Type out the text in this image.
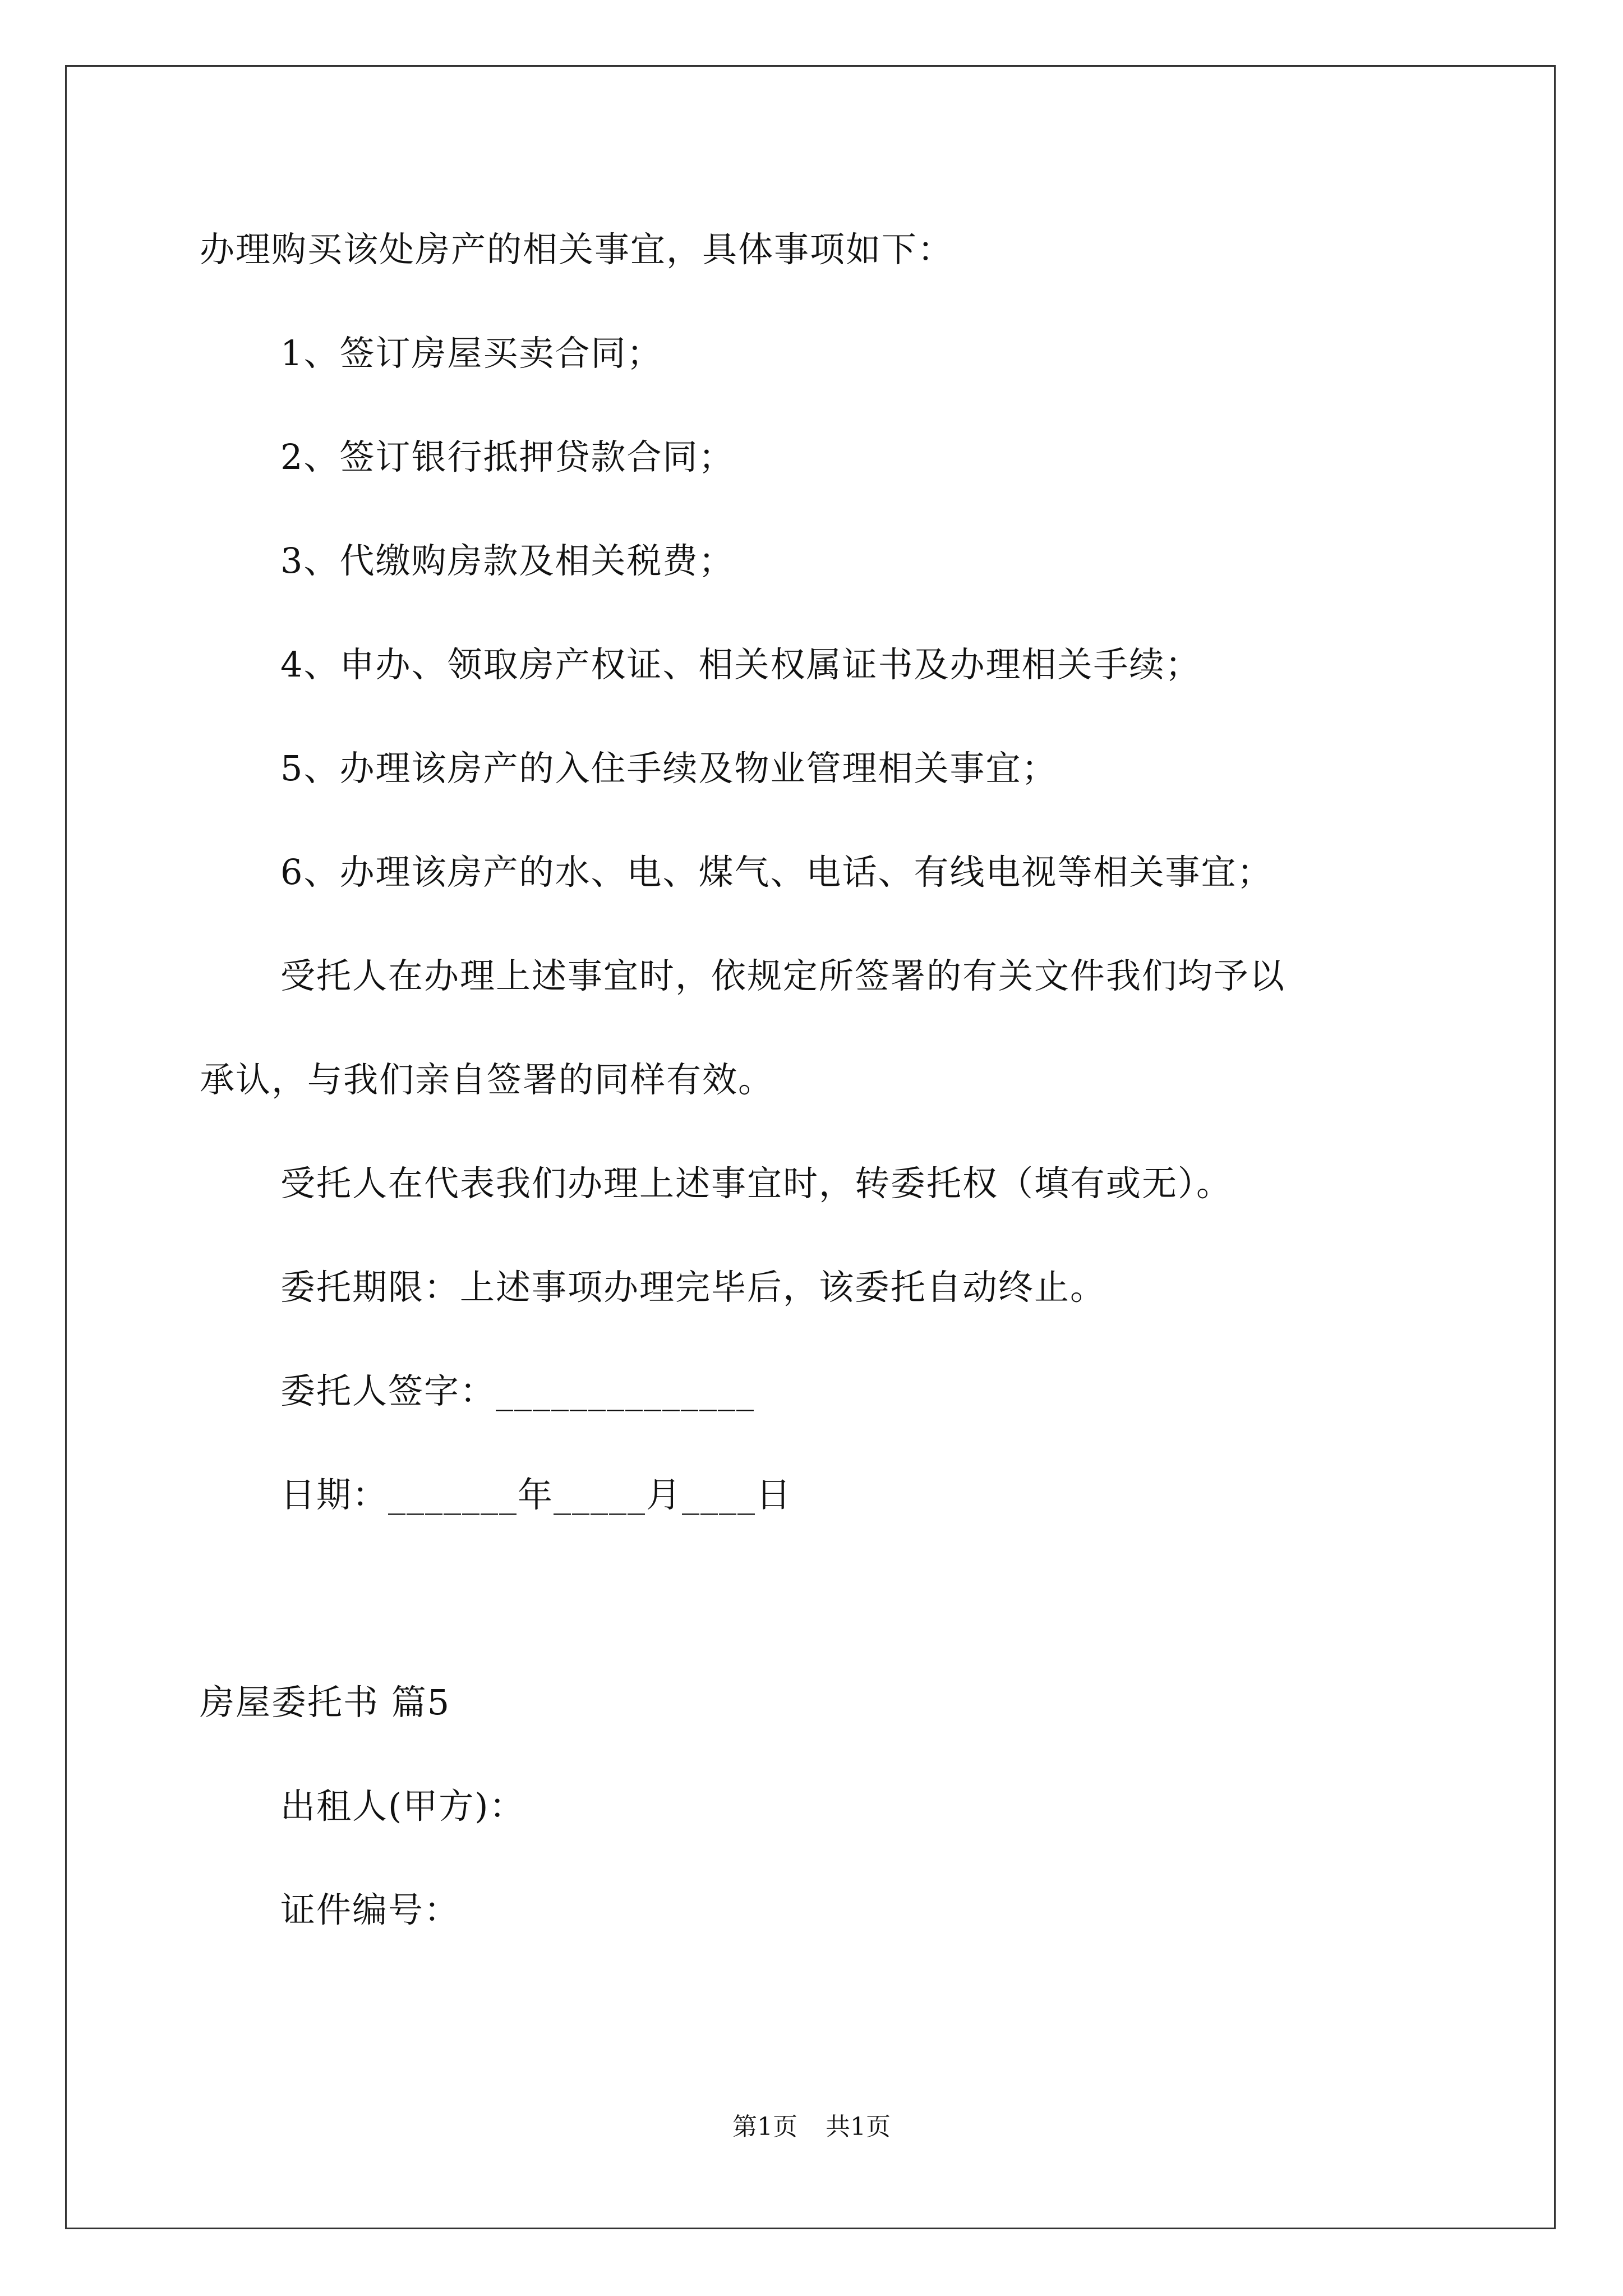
办理购买该处房产的相关事宜，具体事项如下：
1、签订房屋买卖合同；
2、签订银行抵押贷款合同；
3、代缴购房款及相关税费；
4、申办、领取房产权证、相关权属证书及办理相关手续；
5、办理该房产的入住手续及物业管理相关事宜；
6、办理该房产的水、电、煤气、电话、有线电视等相关事宜；
受托人在办理上述事宜时，依规定所签署的有关文件我们均予以
承认，与我们亲自签署的同样有效。
受托人在代表我们办理上述事宜时，转委托权（填有或无）。
委托期限：上述事项办理完毕后，该委托自动终止。
委托人签字：______________
日期：_______年_____月____日
房屋委托书 篇5
出租人(甲方)：
证件编号：
第1页 共1页
